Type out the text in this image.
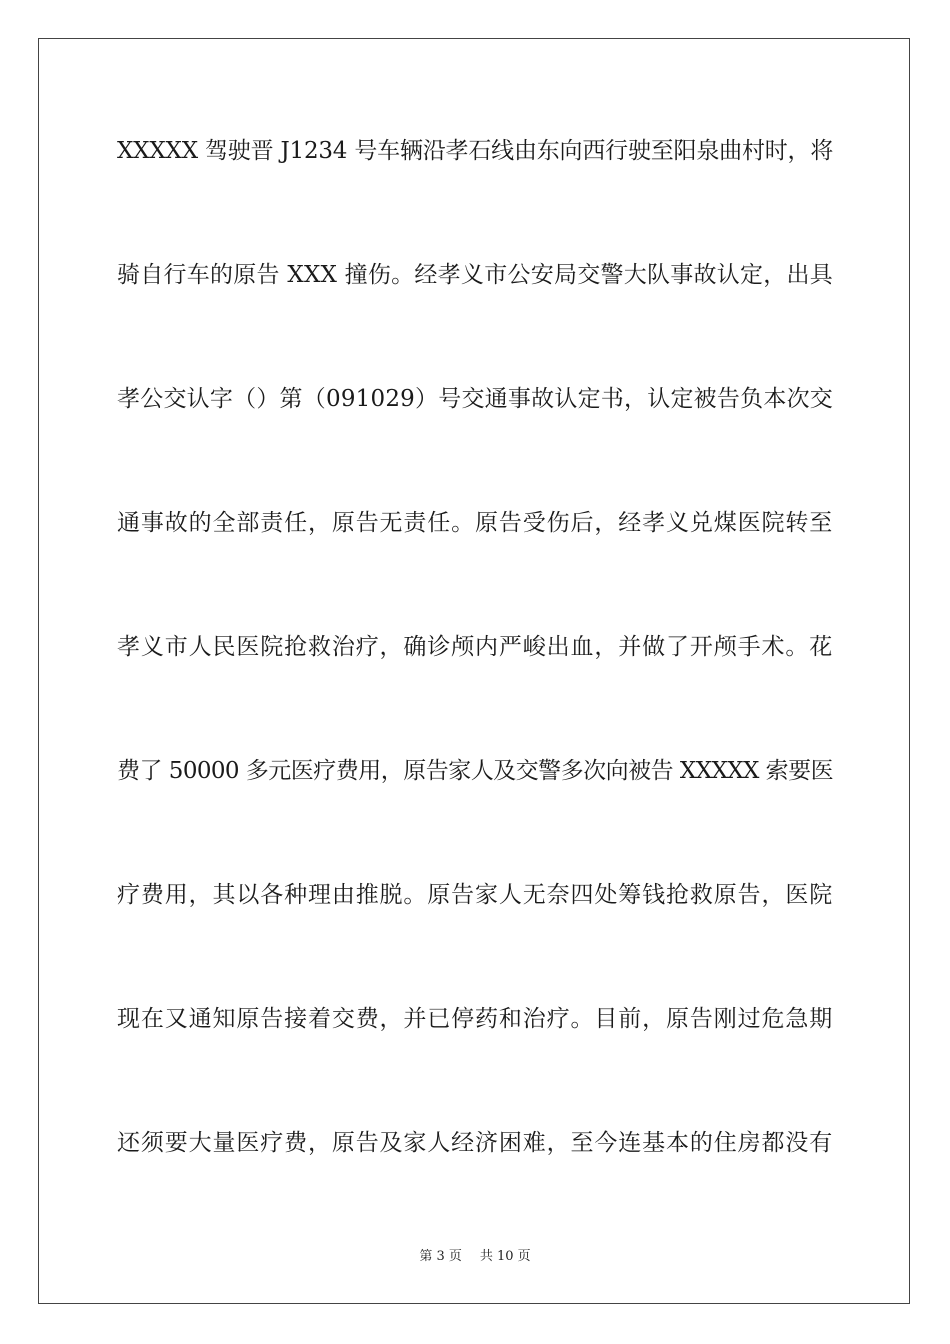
XXXXX 驾驶晋 J1234 号车辆沿孝石线由东向西行驶至阳泉曲村时，将
骑自行车的原告 XXX 撞伤。经孝义市公安局交警大队事故认定，出具
孝公交认字（）第（091029）号交通事故认定书，认定被告负本次交
通事故的全部责任，原告无责任。原告受伤后，经孝义兑煤医院转至
孝义市人民医院抢救治疗，确诊颅内严峻出血，并做了开颅手术。花
费了 50000 多元医疗费用，原告家人及交警多次向被告 XXXXX 索要医
疗费用，其以各种理由推脱。原告家人无奈四处筹钱抢救原告，医院
现在又通知原告接着交费，并已停药和治疗。目前，原告刚过危急期
还须要大量医疗费，原告及家人经济困难，至今连基本的住房都没有
第 3 页 共 10 页
